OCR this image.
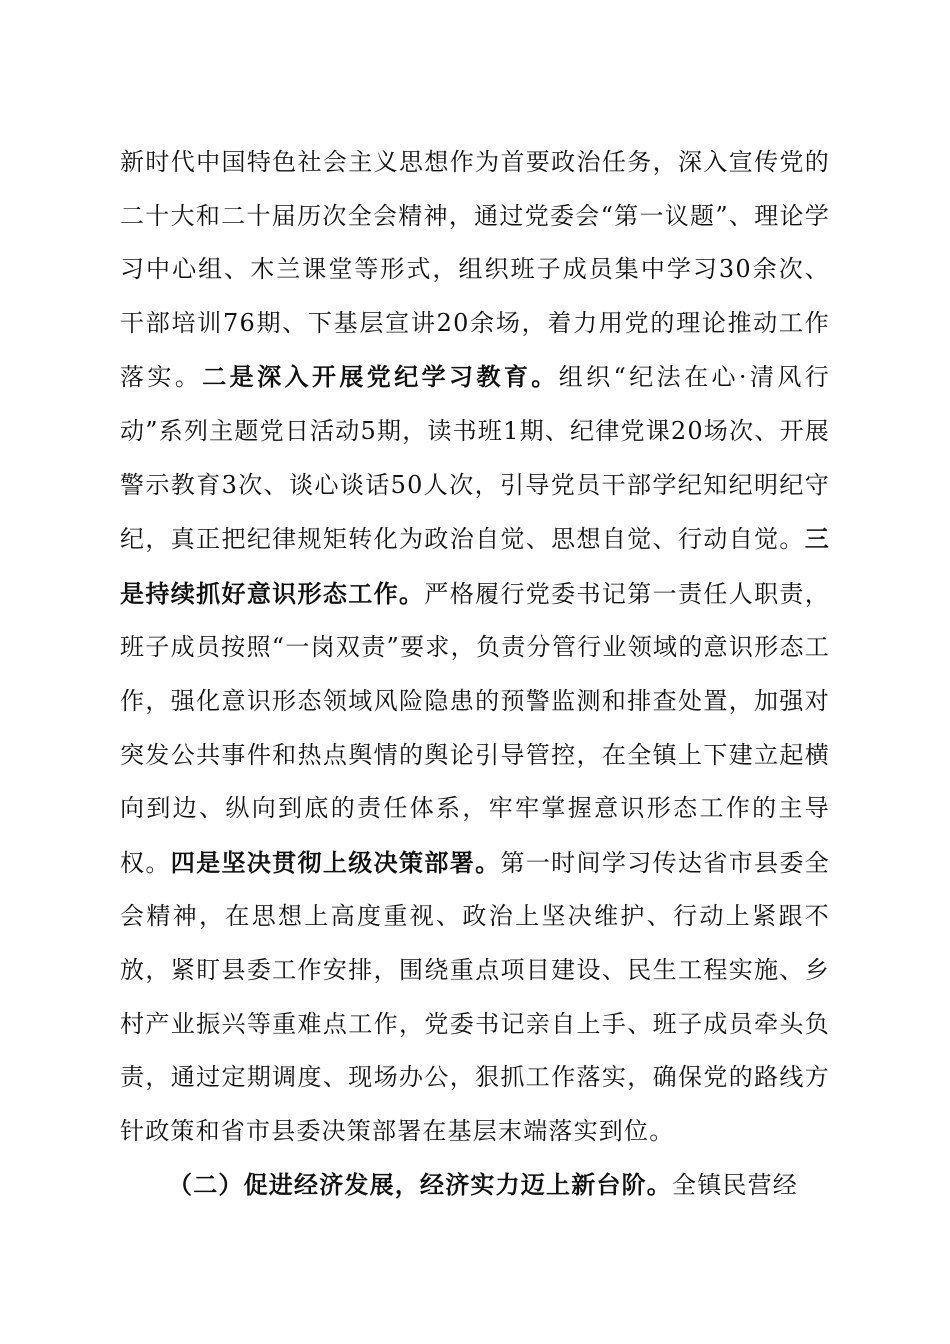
新时代中国特色社会主义思想作为首要政治任务，深入宣传党的二十大和二十届历次全会精神，通过党委会“第一议题”、理论学习中心组、木兰课堂等形式，组织班子成员集中学习30余次、干部培训76期、下基层宣讲20余场，着力用党的理论推动工作落实。二是深入开展党纪学习教育。组织“纪法在心·清风行动”系列主题党日活动5期，读书班1期、纪律党课20场次、开展警示教育3次、谈心谈话50人次，引导党员干部学纪知纪明纪守纪，真正把纪律规矩转化为政治自觉、思想自觉、行动自觉。三是持续抓好意识形态工作。严格履行党委书记第一责任人职责，班子成员按照“一岗双责”要求，负责分管行业领域的意识形态工作，强化意识形态领域风险隐患的预警监测和排查处置，加强对突发公共事件和热点舆情的舆论引导管控，在全镇上下建立起横向到边、纵向到底的责任体系，牢牢掌握意识形态工作的主导权。四是坚决贯彻上级决策部署。第一时间学习传达省市县委全会精神，在思想上高度重视、政治上坚决维护、行动上紧跟不放，紧盯县委工作安排，围绕重点项目建设、民生工程实施、乡村产业振兴等重难点工作，党委书记亲自上手、班子成员牵头负责，通过定期调度、现场办公，狠抓工作落实，确保党的路线方针政策和省市县委决策部署在基层末端落实到位。

（二）促进经济发展，经济实力迈上新台阶。全镇民营经
